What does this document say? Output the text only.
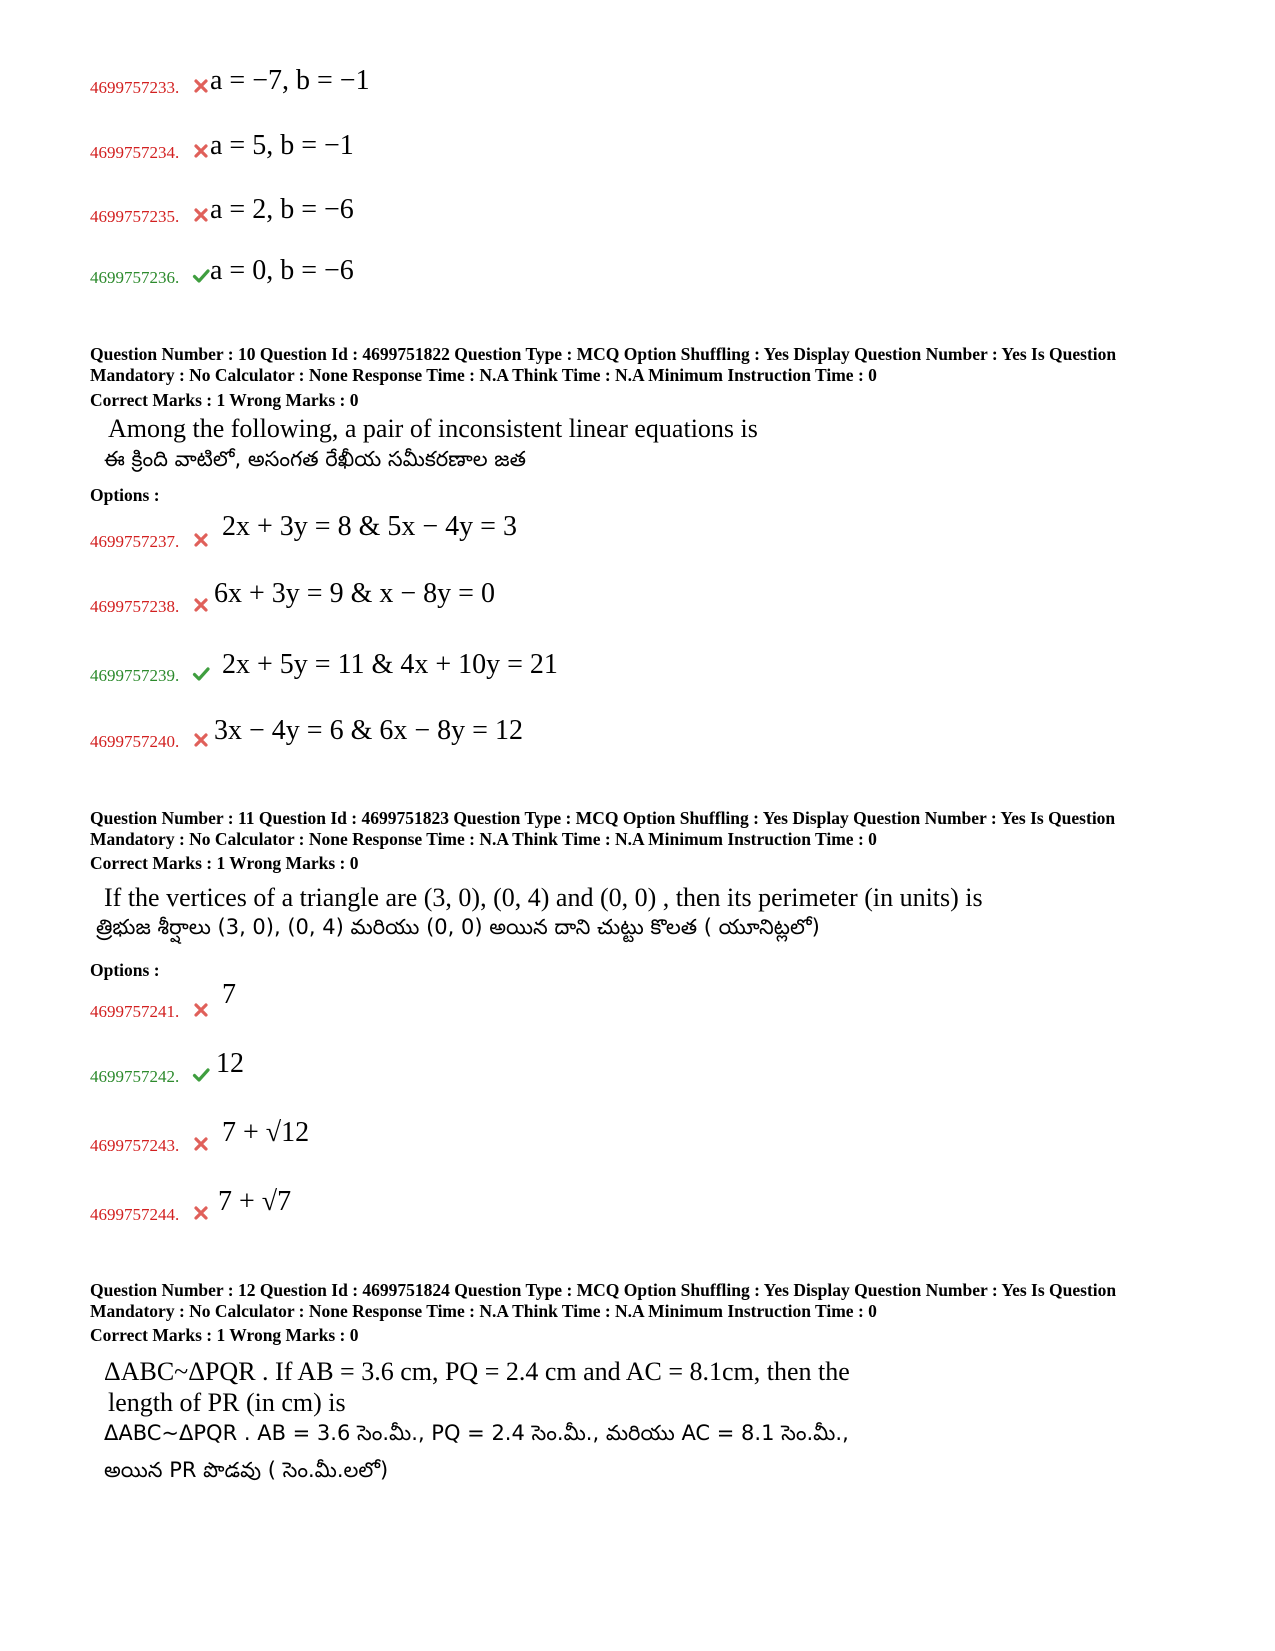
4699757233. a = −7, b = −1
4699757234. a = 5, b = −1
4699757235. a = 2, b = −6
4699757236. a = 0, b = −6
Question Number : 10 Question Id : 4699751822 Question Type : MCQ Option Shuffling : Yes Display Question Number : Yes Is Question
Mandatory : No Calculator : None Response Time : N.A Think Time : N.A Minimum Instruction Time : 0
Correct Marks : 1 Wrong Marks : 0
Among the following, a pair of inconsistent linear equations is
ఈ క్రింది వాటిలో, అసంగత రేఖీయ సమీకరణాల జత
Options :
4699757237. 2x + 3y = 8 & 5x − 4y = 3
4699757238. 6x + 3y = 9 & x − 8y = 0
4699757239. 2x + 5y = 11 & 4x + 10y = 21
4699757240. 3x − 4y = 6 & 6x − 8y = 12
Question Number : 11 Question Id : 4699751823 Question Type : MCQ Option Shuffling : Yes Display Question Number : Yes Is Question
Mandatory : No Calculator : None Response Time : N.A Think Time : N.A Minimum Instruction Time : 0
Correct Marks : 1 Wrong Marks : 0
If the vertices of a triangle are (3, 0), (0, 4) and (0, 0) , then its perimeter (in units) is
త్రిభుజ శీర్షాలు (3, 0), (0, 4) మరియు (0, 0) అయిన దాని చుట్టు కొలత ( యూనిట్లలో)
Options :
4699757241.
7
4699757242. 12
4699757243. 7 + √12
4699757244. 7 + √7
Question Number : 12 Question Id : 4699751824 Question Type : MCQ Option Shuffling : Yes Display Question Number : Yes Is Question
Mandatory : No Calculator : None Response Time : N.A Think Time : N.A Minimum Instruction Time : 0
Correct Marks : 1 Wrong Marks : 0
ΔABC~ΔPQR . If AB = 3.6 cm, PQ = 2.4 cm and AC = 8.1cm, then the
length of PR (in cm) is
ΔABC~ΔPQR . AB = 3.6 సెం.మీ., PQ = 2.4 సెం.మీ., మరియు AC = 8.1 సెం.మీ.,
అయిన PR పొడవు ( సెం.మీ.లలో)
